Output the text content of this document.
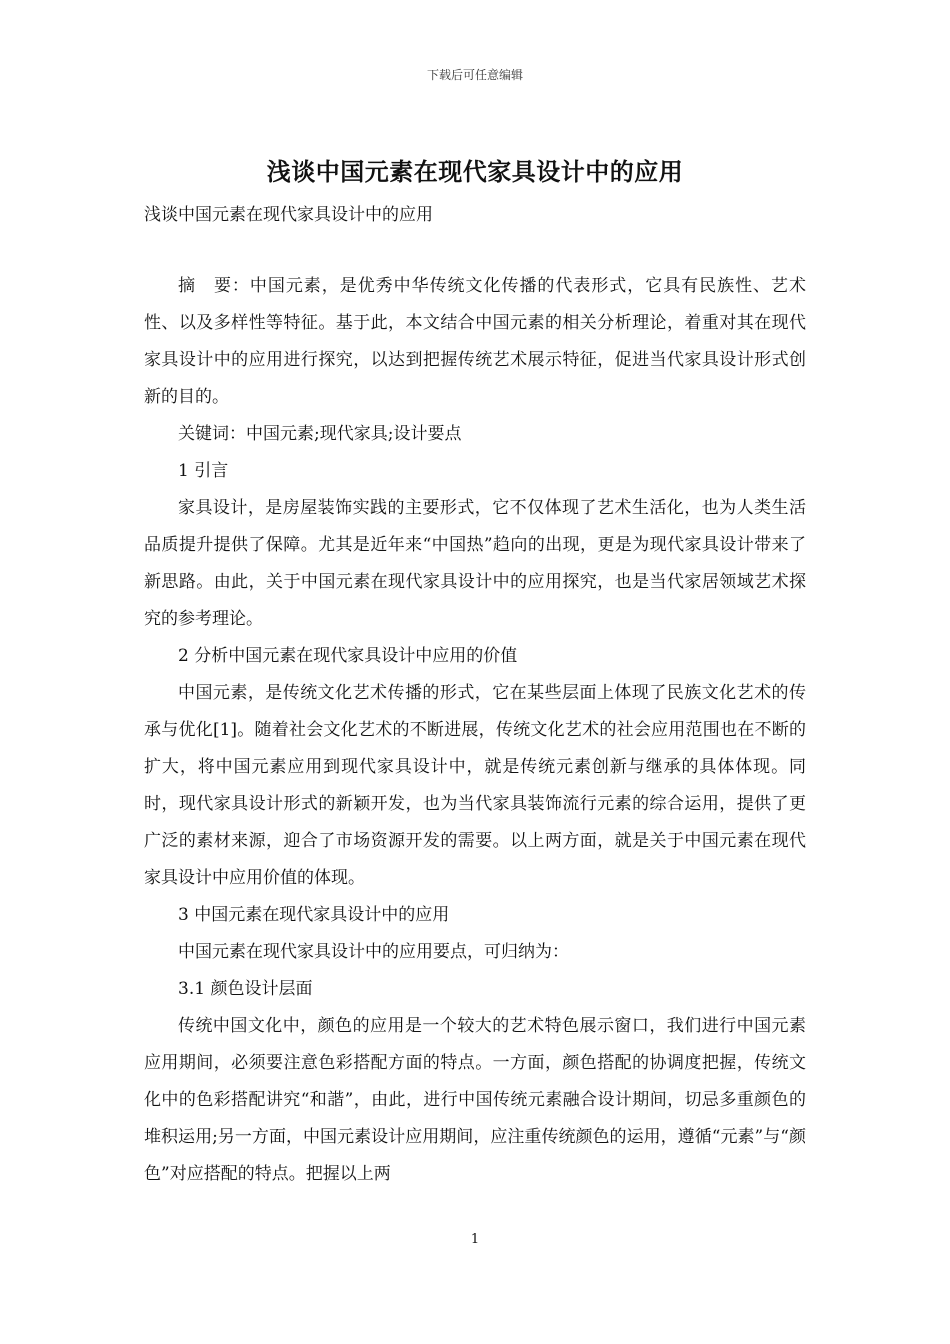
下载后可任意编辑
浅谈中国元素在现代家具设计中的应用
浅谈中国元素在现代家具设计中的应用

摘　要：中国元素，是优秀中华传统文化传播的代表形式，它具有民族性、艺术性、以及多样性等特征。基于此，本文结合中国元素的相关分析理论，着重对其在现代家具设计中的应用进行探究，以达到把握传统艺术展示特征，促进当代家具设计形式创新的目的。

关键词：中国元素;现代家具;设计要点

1 引言

家具设计，是房屋装饰实践的主要形式，它不仅体现了艺术生活化，也为人类生活品质提升提供了保障。尤其是近年来“中国热”趋向的出现，更是为现代家具设计带来了新思路。由此，关于中国元素在现代家具设计中的应用探究，也是当代家居领域艺术探究的参考理论。

2 分析中国元素在现代家具设计中应用的价值

中国元素，是传统文化艺术传播的形式，它在某些层面上体现了民族文化艺术的传承与优化[1]。随着社会文化艺术的不断进展，传统文化艺术的社会应用范围也在不断的扩大，将中国元素应用到现代家具设计中，就是传统元素创新与继承的具体体现。同时，现代家具设计形式的新颖开发，也为当代家具装饰流行元素的综合运用，提供了更广泛的素材来源，迎合了市场资源开发的需要。以上两方面，就是关于中国元素在现代家具设计中应用价值的体现。

3 中国元素在现代家具设计中的应用

中国元素在现代家具设计中的应用要点，可归纳为：

3.1 颜色设计层面

传统中国文化中，颜色的应用是一个较大的艺术特色展示窗口，我们进行中国元素应用期间，必须要注意色彩搭配方面的特点。一方面，颜色搭配的协调度把握，传统文化中的色彩搭配讲究“和諧”，由此，进行中国传统元素融合设计期间，切忌多重颜色的堆积运用;另一方面，中国元素设计应用期间，应注重传统颜色的运用，遵循“元素”与“颜色”对应搭配的特点。把握以上两

1
